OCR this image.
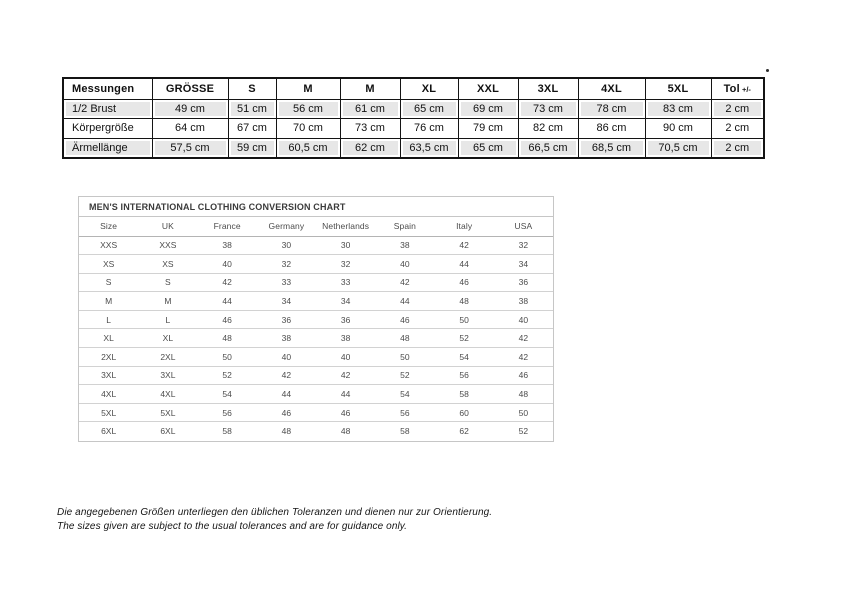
Messungen	GRÖSSE	S	M	M	XL	XXL	3XL	4XL	5XL	Tol +/-
1/2 Brust	49 cm	51 cm	56 cm	61 cm	65 cm	69 cm	73 cm	78 cm	83 cm	2 cm
Körpergröße	64 cm	67 cm	70 cm	73 cm	76 cm	79 cm	82 cm	86 cm	90 cm	2 cm
Ärmellänge	57,5 cm	59 cm	60,5 cm	62 cm	63,5 cm	65 cm	66,5 cm	68,5 cm	70,5 cm	2 cm
MEN'S INTERNATIONAL CLOTHING CONVERSION CHART
Size	UK	France	Germany	Netherlands	Spain	Italy	USA
XXS	XXS	38	30	30	38	42	32
XS	XS	40	32	32	40	44	34
S	S	42	33	33	42	46	36
M	M	44	34	34	44	48	38
L	L	46	36	36	46	50	40
XL	XL	48	38	38	48	52	42
2XL	2XL	50	40	40	50	54	42
3XL	3XL	52	42	42	52	56	46
4XL	4XL	54	44	44	54	58	48
5XL	5XL	56	46	46	56	60	50
6XL	6XL	58	48	48	58	62	52
Die angegebenen Größen unterliegen den üblichen Toleranzen und dienen nur zur Orientierung.
The sizes given are subject to the usual tolerances and are for guidance only.
